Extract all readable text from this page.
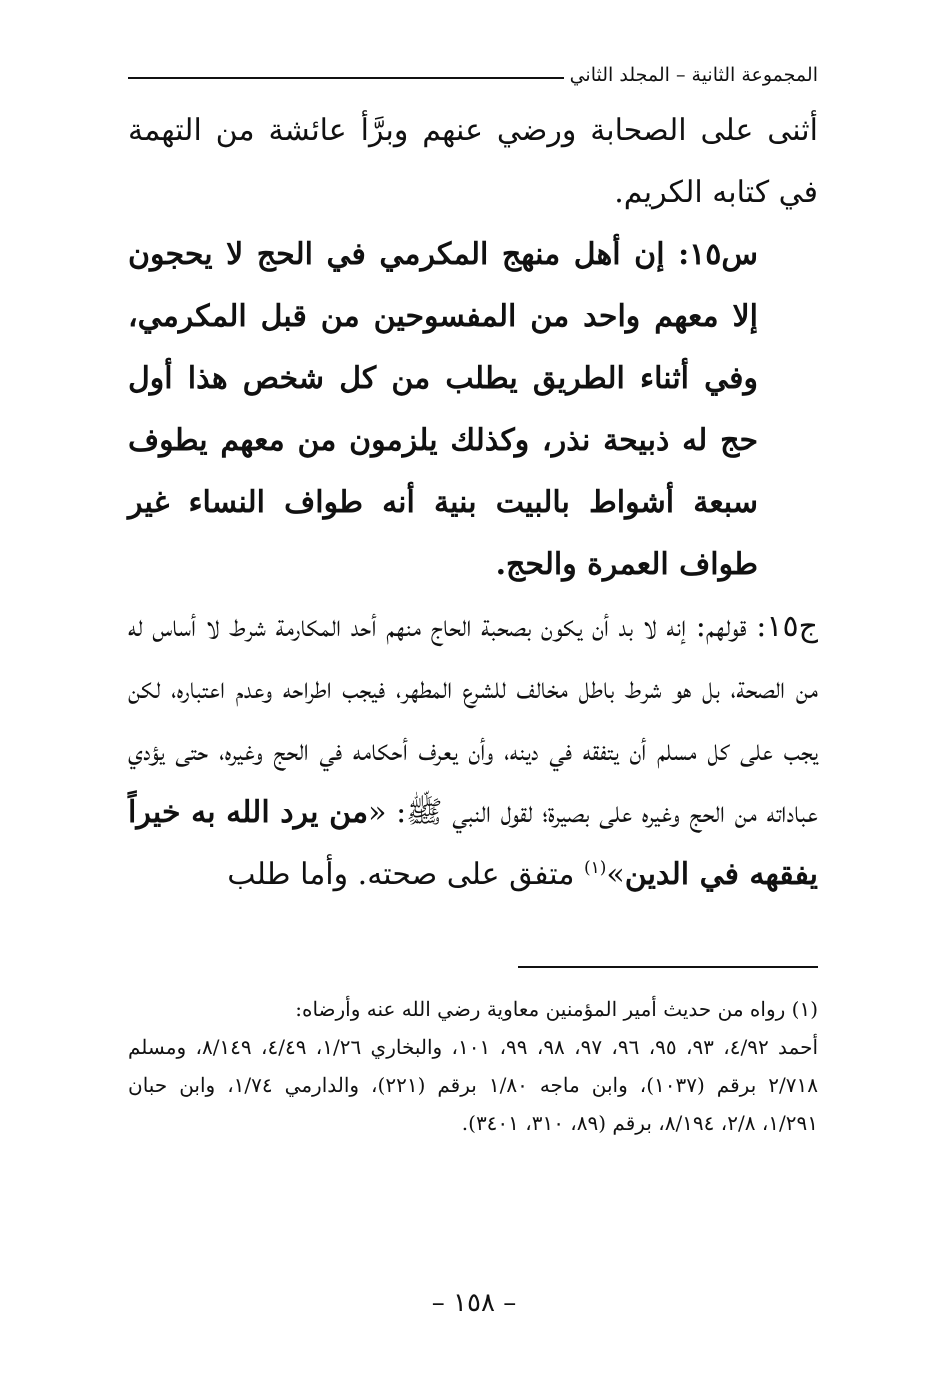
المجموعة الثانية – المجلد الثاني

أثنى على الصحابة ورضي عنهم وبرَّأ عائشة من التهمة في كتابه الكريم.

س١٥: إن أهل منهج المكرمي في الحج لا يحجون إلا معهم واحد من المفسوحين من قبل المكرمي، وفي أثناء الطريق يطلب من كل شخص هذا أول حج له ذبيحة نذر، وكذلك يلزمون من معهم يطوف سبعة أشواط بالبيت بنية أنه طواف النساء غير طواف العمرة والحج.

ج١٥: قولهم: إنه لا بد أن يكون بصحبة الحاج منهم أحد المكارمة شرط لا أساس له من الصحة، بل هو شرط باطل مخالف للشرع المطهر، فيجب اطراحه وعدم اعتباره، لكن يجب على كل مسلم أن يتفقه في دينه، وأن يعرف أحكامه في الحج وغيره، حتى يؤدي عباداته من الحج وغيره على بصيرة؛ لقول النبي ﷺ: «من يرد الله به خيراً يفقهه في الدين»$^{(١)}$ متفق على صحته. وأما طلب

(١) رواه من حديث أمير المؤمنين معاوية رضي الله عنه وأرضاه:

أحمد ٤/٩٢، ٩٣، ٩٥، ٩٦، ٩٧، ٩٨، ٩٩، ١٠١، والبخاري ١/٢٦، ٤/٤٩، ٨/١٤٩، ومسلم ٢/٧١٨ برقم (١٠٣٧)، وابن ماجه ١/٨٠ برقم (٢٢١)، والدارمي ١/٧٤، وابن حبان ١/٢٩١، ٢/٨، ٨/١٩٤، برقم (٨٩، ٣١٠، ٣٤٠١).

– ١٥٨ –
